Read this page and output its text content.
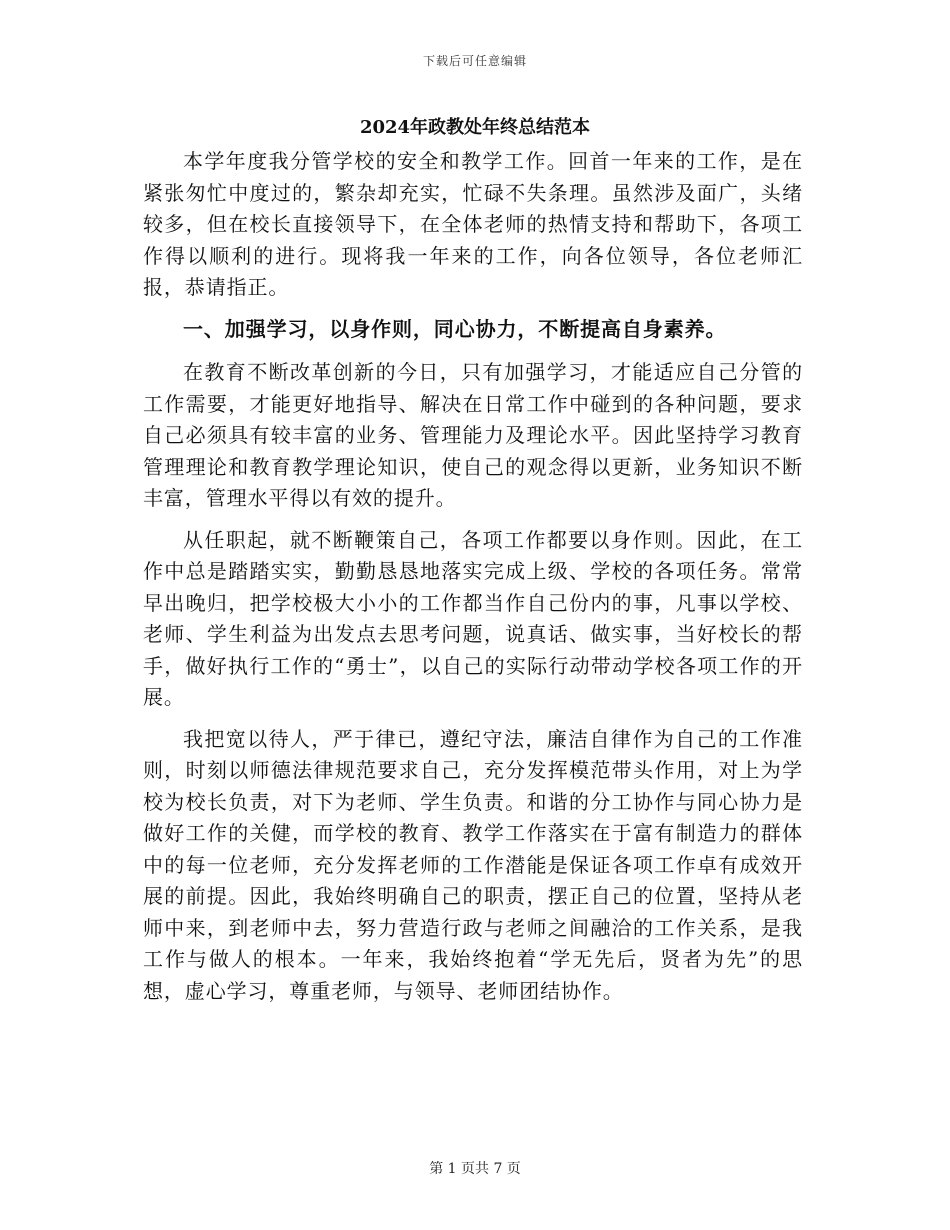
下载后可任意编辑
2024年政教处年终总结范本

本学年度我分管学校的安全和教学工作。回首一年来的工作，是在紧张匆忙中度过的，繁杂却充实，忙碌不失条理。虽然涉及面广，头绪较多，但在校长直接领导下，在全体老师的热情支持和帮助下，各项工作得以顺利的进行。现将我一年来的工作，向各位领导，各位老师汇报，恭请指正。

一、加强学习，以身作则，同心协力，不断提高自身素养。

在教育不断改革创新的今日，只有加强学习，才能适应自己分管的工作需要，才能更好地指导、解决在日常工作中碰到的各种问题，要求自己必须具有较丰富的业务、管理能力及理论水平。因此坚持学习教育管理理论和教育教学理论知识，使自己的观念得以更新，业务知识不断丰富，管理水平得以有效的提升。

从任职起，就不断鞭策自己，各项工作都要以身作则。因此，在工作中总是踏踏实实，勤勤恳恳地落实完成上级、学校的各项任务。常常早出晚归，把学校极大小小的工作都当作自己份内的事，凡事以学校、老师、学生利益为出发点去思考问题，说真话、做实事，当好校长的帮手，做好执行工作的“勇士”，以自己的实际行动带动学校各项工作的开展。

我把宽以待人，严于律已，遵纪守法，廉洁自律作为自己的工作准则，时刻以师德法律规范要求自己，充分发挥模范带头作用，对上为学校为校长负责，对下为老师、学生负责。和谐的分工协作与同心协力是做好工作的关健，而学校的教育、教学工作落实在于富有制造力的群体中的每一位老师，充分发挥老师的工作潜能是保证各项工作卓有成效开展的前提。因此，我始终明确自己的职责，摆正自己的位置，坚持从老师中来，到老师中去，努力营造行政与老师之间融洽的工作关系，是我工作与做人的根本。一年来，我始终抱着“学无先后，贤者为先”的思想，虚心学习，尊重老师，与领导、老师团结协作。

第 1 页共 7 页
